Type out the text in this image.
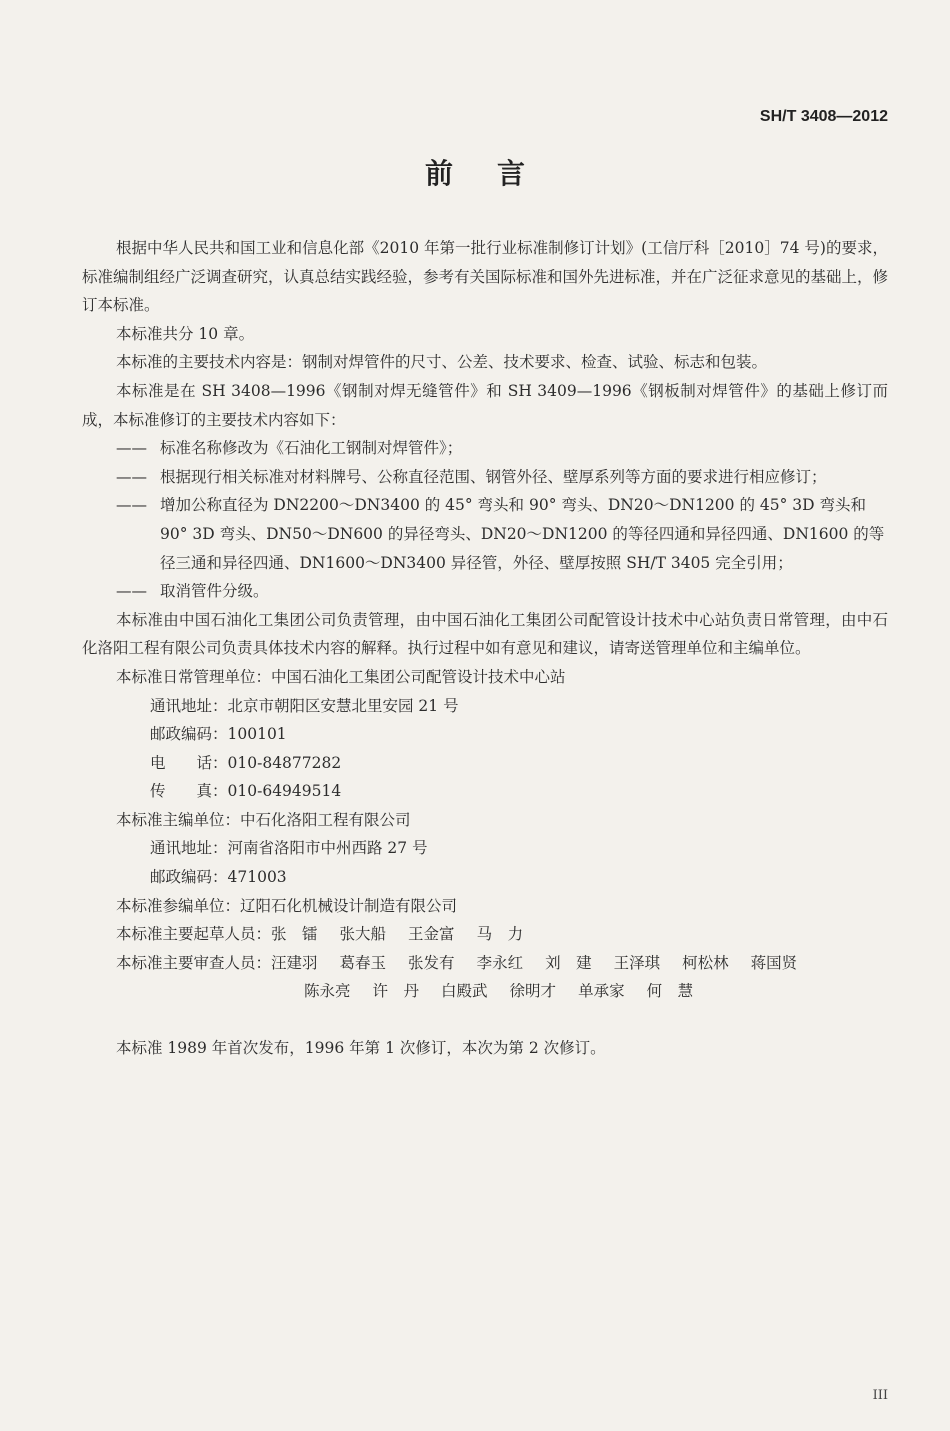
SH/T 3408—2012
前言

根据中华人民共和国工业和信息化部《2010 年第一批行业标准制修订计划》(工信厅科［2010］74 号)的要求，标准编制组经广泛调查研究，认真总结实践经验，参考有关国际标准和国外先进标准，并在广泛征求意见的基础上，修订本标准。

本标准共分 10 章。

本标准的主要技术内容是：钢制对焊管件的尺寸、公差、技术要求、检查、试验、标志和包装。

本标准是在 SH 3408—1996《钢制对焊无缝管件》和 SH 3409—1996《钢板制对焊管件》的基础上修订而成，本标准修订的主要技术内容如下：

—— 标准名称修改为《石油化工钢制对焊管件》；
—— 根据现行相关标准对材料牌号、公称直径范围、钢管外径、壁厚系列等方面的要求进行相应修订；
—— 增加公称直径为 DN2200～DN3400 的 45° 弯头和 90° 弯头、DN20～DN1200 的 45° 3D 弯头和 90° 3D 弯头、DN50～DN600 的异径弯头、DN20～DN1200 的等径四通和异径四通、DN1600 的等径三通和异径四通、DN1600～DN3400 异径管，外径、壁厚按照 SH/T 3405 完全引用；
—— 取消管件分级。

本标准由中国石油化工集团公司负责管理，由中国石油化工集团公司配管设计技术中心站负责日常管理，由中石化洛阳工程有限公司负责具体技术内容的解释。执行过程中如有意见和建议，请寄送管理单位和主编单位。

本标准日常管理单位：中国石油化工集团公司配管设计技术中心站
通讯地址：北京市朝阳区安慧北里安园 21 号
邮政编码：100101
电　　话：010-84877282
传　　真：010-64949514
本标准主编单位：中石化洛阳工程有限公司
通讯地址：河南省洛阳市中州西路 27 号
邮政编码：471003
本标准参编单位：辽阳石化机械设计制造有限公司
本标准主要起草人员： 张　镭 张大船 王金富 马　力
本标准主要审查人员： 汪建羽 葛春玉 张发有 李永红 刘　建 王泽琪 柯松林 蒋国贤
陈永亮 许　丹 白殿武 徐明才 单承家 何　慧

本标准 1989 年首次发布，1996 年第 1 次修订，本次为第 2 次修订。

III
